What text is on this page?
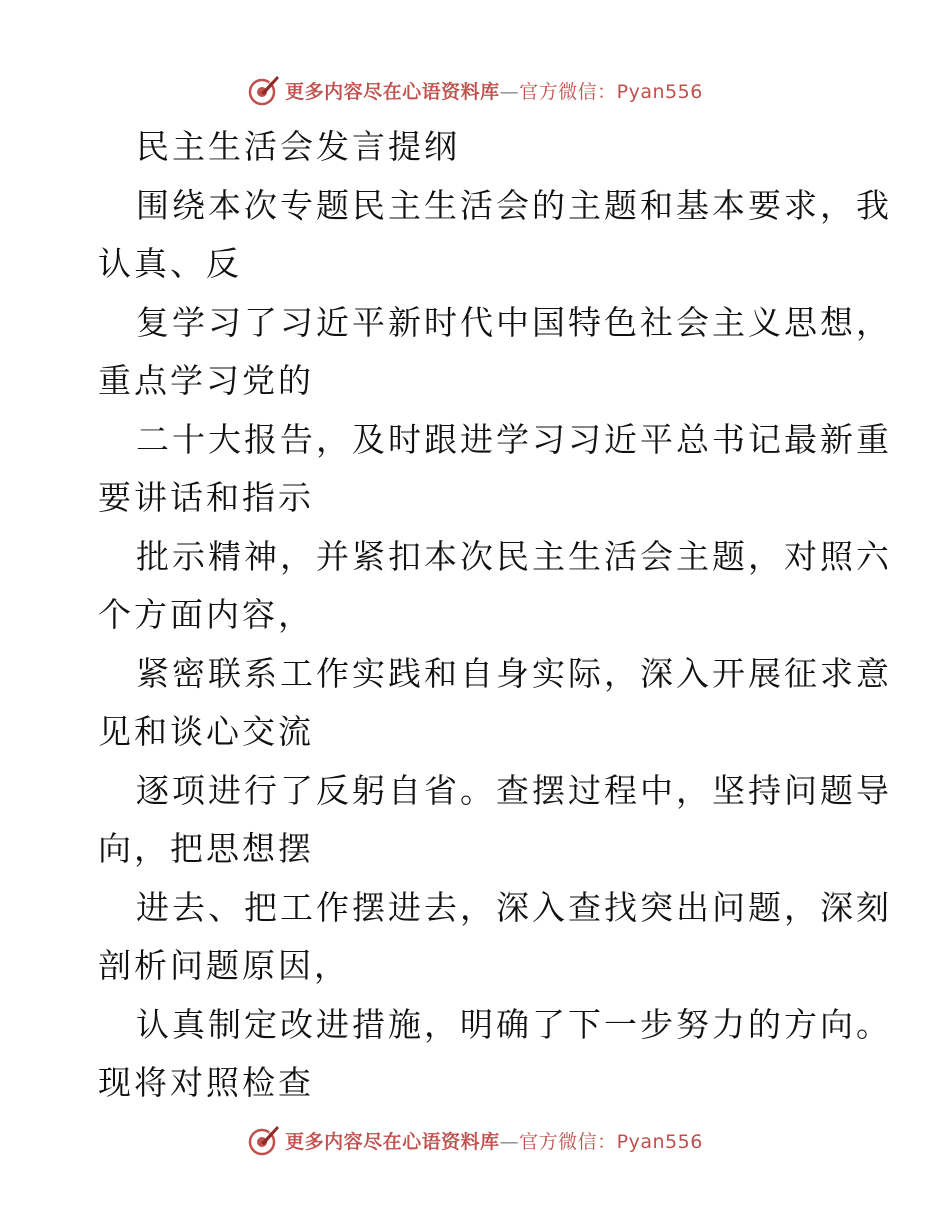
更多内容尽在心语资料库—官方微信：Pyan556
民主生活会发言提纲
围绕本次专题民主生活会的主题和基本要求，我
认真、反
复学习了习近平新时代中国特色社会主义思想，
重点学习党的
二十大报告，及时跟进学习习近平总书记最新重
要讲话和指示
批示精神，并紧扣本次民主生活会主题，对照六
个方面内容，
紧密联系工作实践和自身实际，深入开展征求意
见和谈心交流
逐项进行了反躬自省。查摆过程中，坚持问题导
向，把思想摆
进去、把工作摆进去，深入查找突出问题，深刻
剖析问题原因，
认真制定改进措施，明确了下一步努力的方向。
现将对照检查
更多内容尽在心语资料库—官方微信：Pyan556
